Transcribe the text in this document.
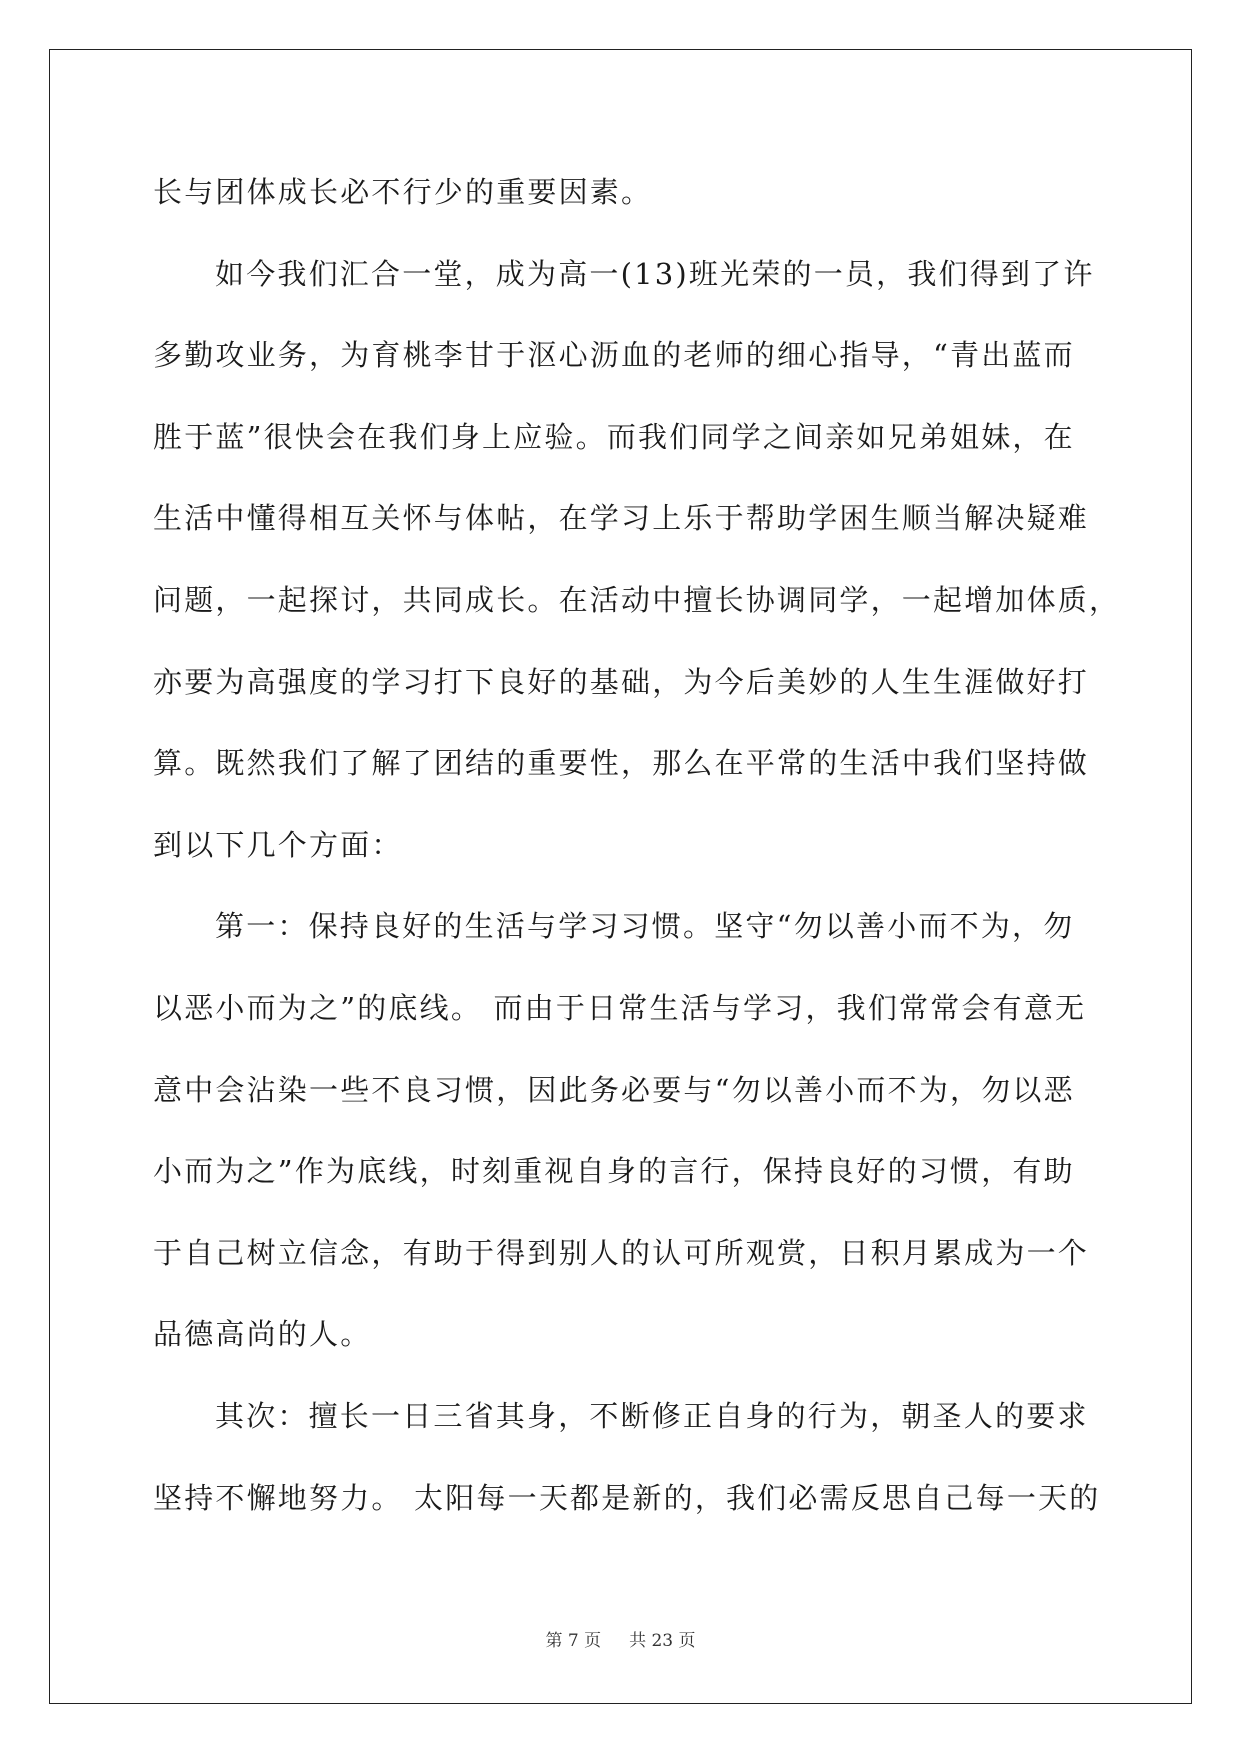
长与团体成长必不行少的重要因素。
如今我们汇合一堂，成为高一(13)班光荣的一员，我们得到了许
多勤攻业务，为育桃李甘于沤心沥血的老师的细心指导，“青出蓝而
胜于蓝”很快会在我们身上应验。而我们同学之间亲如兄弟姐妹，在
生活中懂得相互关怀与体帖，在学习上乐于帮助学困生顺当解决疑难
问题，一起探讨，共同成长。在活动中擅长协调同学，一起增加体质，
亦要为高强度的学习打下良好的基础，为今后美妙的人生生涯做好打
算。既然我们了解了团结的重要性，那么在平常的生活中我们坚持做
到以下几个方面：
第一：保持良好的生活与学习习惯。坚守“勿以善小而不为，勿
以恶小而为之”的底线。 而由于日常生活与学习，我们常常会有意无
意中会沾染一些不良习惯，因此务必要与“勿以善小而不为，勿以恶
小而为之”作为底线，时刻重视自身的言行，保持良好的习惯，有助
于自己树立信念，有助于得到别人的认可所观赏，日积月累成为一个
品德高尚的人。
其次：擅长一日三省其身，不断修正自身的行为，朝圣人的要求
坚持不懈地努力。 太阳每一天都是新的，我们必需反思自己每一天的
第 7 页 共 23 页
